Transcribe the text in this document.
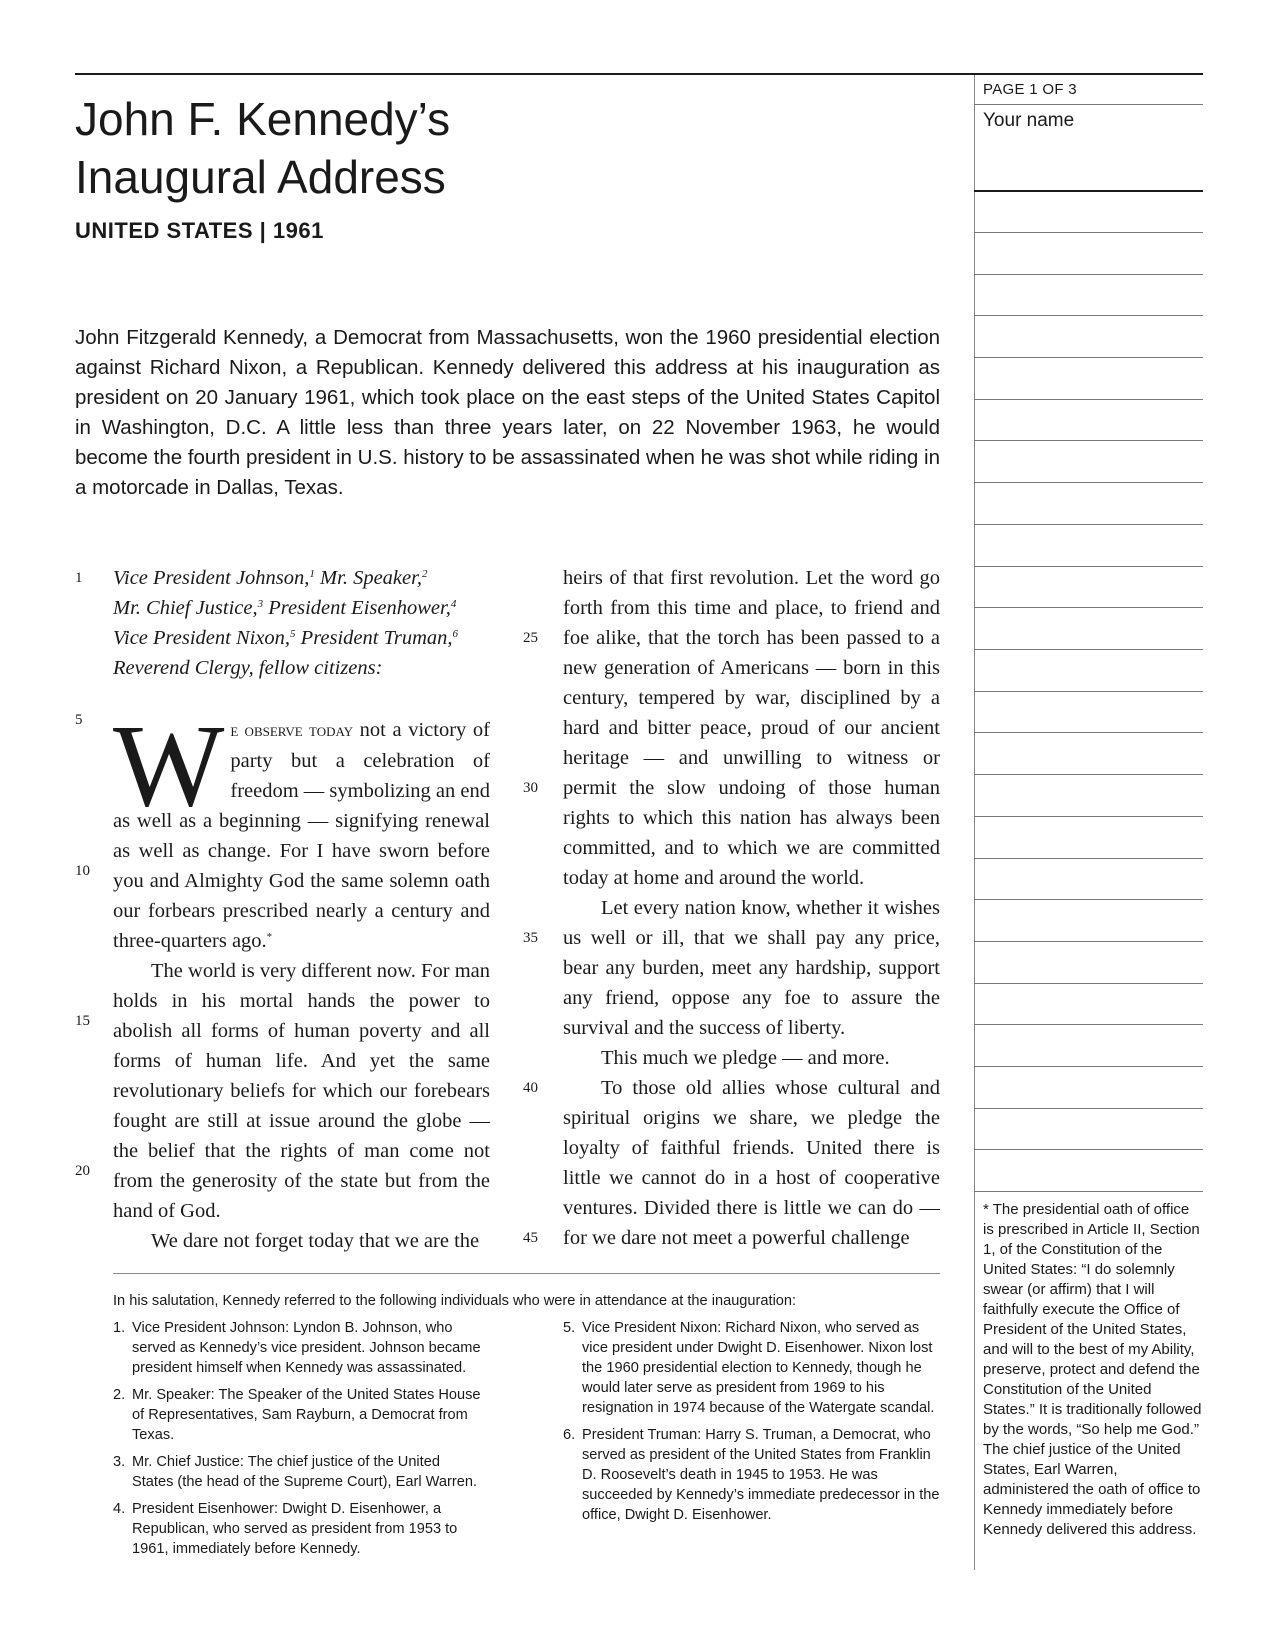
John F. Kennedy’s
Inaugural Address
UNITED STATES | 1961

John Fitzgerald Kennedy, a Democrat from Massachusetts, won the 1960 presidential election against Richard Nixon, a Republican. Kennedy delivered this address at his inauguration as president on 20 January 1961, which took place on the east steps of the United States Capitol in Washington, D.C. A little less than three years later, on 22 November 1963, he would become the fourth president in U.S. history to be assassinated when he was shot while riding in a motorcade in Dallas, Texas.

1
5
10
15
20
25
30
35
40
45

Vice President Johnson,$^1$ Mr. Speaker,$^2$

Mr. Chief Justice,$^3$ President Eisenhower,$^4$

Vice President Nixon,$^5$ President Truman,$^6$

Reverend Clergy, fellow citizens:

We observe today not a victory of party but a celebration of freedom — symbolizing an end as well as a beginning — signifying renewal as well as change. For I have sworn before you and Almighty God the same solemn oath our forbears prescribed nearly a century and three-quarters ago.*

The world is very different now. For man holds in his mortal hands the power to abolish all forms of human poverty and all forms of human life. And yet the same revolutionary beliefs for which our forebears fought are still at issue around the globe — the belief that the rights of man come not from the generosity of the state but from the hand of God.

We dare not forget today that we are the

heirs of that first revolution. Let the word go forth from this time and place, to friend and foe alike, that the torch has been passed to a new generation of Americans — born in this century, tempered by war, disciplined by a hard and bitter peace, proud of our ancient heritage — and unwilling to witness or permit the slow undoing of those human rights to which this nation has always been committed, and to which we are committed today at home and around the world.

Let every nation know, whether it wishes us well or ill, that we shall pay any price, bear any burden, meet any hardship, support any friend, oppose any foe to assure the survival and the success of liberty.

This much we pledge — and more.

To those old allies whose cultural and spiritual origins we share, we pledge the loyalty of faithful friends. United there is little we cannot do in a host of cooperative ventures. Divided there is little we can do — for we dare not meet a powerful challenge

In his salutation, Kennedy referred to the following individuals who were in attendance at the inauguration:

1. Vice President Johnson: Lyndon B. Johnson, who served as Kennedy’s vice president. Johnson became president himself when Kennedy was assassinated.
2. Mr. Speaker: The Speaker of the United States House of Representatives, Sam Rayburn, a Democrat from Texas.
3. Mr. Chief Justice: The chief justice of the United States (the head of the Supreme Court), Earl Warren.
4. President Eisenhower: Dwight D. Eisenhower, a Republican, who served as president from 1953 to 1961, immediately before Kennedy.
5. Vice President Nixon: Richard Nixon, who served as vice president under Dwight D. Eisenhower. Nixon lost the 1960 presidential election to Kennedy, though he would later serve as president from 1969 to his resignation in 1974 because of the Watergate scandal.
6. President Truman: Harry S. Truman, a Democrat, who served as president of the United States from Franklin D. Roosevelt’s death in 1945 to 1953. He was succeeded by Kennedy’s immediate predecessor in the office, Dwight D. Eisenhower.
PAGE 1 OF 3
Your name

* The presidential oath of office is prescribed in Article II, Section 1, of the Constitution of the United States: “I do solemnly swear (or affirm) that I will faithfully execute the Office of President of the United States, and will to the best of my Ability, preserve, protect and defend the Constitution of the United States.” It is traditionally followed by the words, “So help me God.” The chief justice of the United States, Earl Warren, administered the oath of office to Kennedy immediately before Kennedy delivered this address.
